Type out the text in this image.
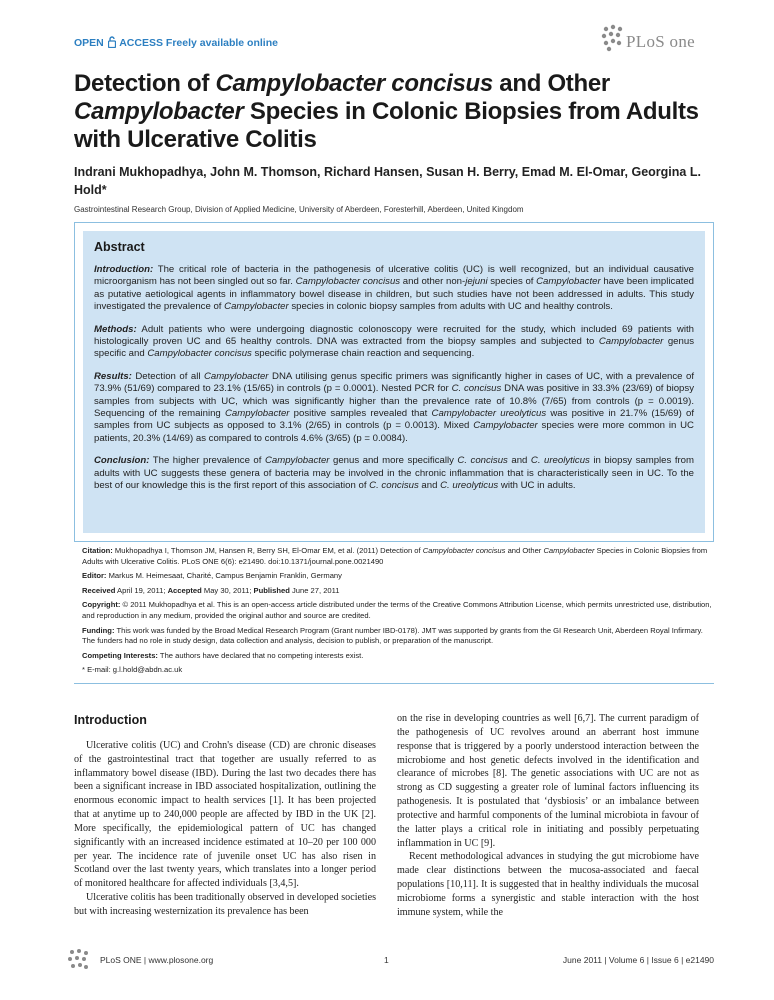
OPEN ACCESS Freely available online	PLoS one
Detection of Campylobacter concisus and Other Campylobacter Species in Colonic Biopsies from Adults with Ulcerative Colitis
Indrani Mukhopadhya, John M. Thomson, Richard Hansen, Susan H. Berry, Emad M. El-Omar, Georgina L. Hold*
Gastrointestinal Research Group, Division of Applied Medicine, University of Aberdeen, Foresterhill, Aberdeen, United Kingdom
Abstract

Introduction: The critical role of bacteria in the pathogenesis of ulcerative colitis (UC) is well recognized, but an individual causative microorganism has not been singled out so far. Campylobacter concisus and other non-jejuni species of Campylobacter have been implicated as putative aetiological agents in inflammatory bowel disease in children, but such studies have not been addressed in adults. This study investigated the prevalence of Campylobacter species in colonic biopsy samples from adults with UC and healthy controls.

Methods: Adult patients who were undergoing diagnostic colonoscopy were recruited for the study, which included 69 patients with histologically proven UC and 65 healthy controls. DNA was extracted from the biopsy samples and subjected to Campylobacter genus specific and Campylobacter concisus specific polymerase chain reaction and sequencing.

Results: Detection of all Campylobacter DNA utilising genus specific primers was significantly higher in cases of UC, with a prevalence of 73.9% (51/69) compared to 23.1% (15/65) in controls (p = 0.0001). Nested PCR for C. concisus DNA was positive in 33.3% (23/69) of biopsy samples from subjects with UC, which was significantly higher than the prevalence rate of 10.8% (7/65) from controls (p = 0.0019). Sequencing of the remaining Campylobacter positive samples revealed that Campylobacter ureolyticus was positive in 21.7% (15/69) of samples from UC subjects as opposed to 3.1% (2/65) in controls (p = 0.0013). Mixed Campylobacter species were more common in UC patients, 20.3% (14/69) as compared to controls 4.6% (3/65) (p = 0.0084).

Conclusion: The higher prevalence of Campylobacter genus and more specifically C. concisus and C. ureolyticus in biopsy samples from adults with UC suggests these genera of bacteria may be involved in the chronic inflammation that is characteristically seen in UC. To the best of our knowledge this is the first report of this association of C. concisus and C. ureolyticus with UC in adults.

Citation: Mukhopadhya I, Thomson JM, Hansen R, Berry SH, El-Omar EM, et al. (2011) Detection of Campylobacter concisus and Other Campylobacter Species in Colonic Biopsies from Adults with Ulcerative Colitis. PLoS ONE 6(6): e21490. doi:10.1371/journal.pone.0021490

Editor: Markus M. Heimesaat, Charité, Campus Benjamin Franklin, Germany

Received April 19, 2011; Accepted May 30, 2011; Published June 27, 2011

Copyright: © 2011 Mukhopadhya et al. This is an open-access article distributed under the terms of the Creative Commons Attribution License, which permits unrestricted use, distribution, and reproduction in any medium, provided the original author and source are credited.

Funding: This work was funded by the Broad Medical Research Program (Grant number IBD-0178). JMT was supported by grants from the GI Research Unit, Aberdeen Royal Infirmary. The funders had no role in study design, data collection and analysis, decision to publish, or preparation of the manuscript.

Competing Interests: The authors have declared that no competing interests exist.

* E-mail: g.l.hold@abdn.ac.uk

Introduction

Ulcerative colitis (UC) and Crohn's disease (CD) are chronic diseases of the gastrointestinal tract that together are usually referred to as inflammatory bowel disease (IBD). During the last two decades there has been a significant increase in IBD associated hospitalization, outlining the enormous economic impact to health services [1]. It has been projected that at anytime up to 240,000 people are affected by IBD in the UK [2]. More specifically, the epidemiological pattern of UC has changed significantly with an increased incidence estimated at 10–20 per 100 000 per year. The incidence rate of juvenile onset UC has also risen in Scotland over the last twenty years, which translates into a longer period of monitored healthcare for affected individuals [3,4,5].

Ulcerative colitis has been traditionally observed in developed societies but with increasing westernization its prevalence has been

on the rise in developing countries as well [6,7]. The current paradigm of the pathogenesis of UC revolves around an aberrant host immune response that is triggered by a poorly understood interaction between the microbiome and host genetic defects involved in the identification and clearance of microbes [8]. The genetic associations with UC are not as strong as CD suggesting a greater role of luminal factors influencing its pathogenesis. It is postulated that ‘dysbiosis’ or an imbalance between protective and harmful components of the luminal microbiota in favour of the latter plays a critical role in initiating and possibly perpetuating inflammation in UC [9].

Recent methodological advances in studying the gut microbiome have made clear distinctions between the mucosa-associated and faecal populations [10,11]. It is suggested that in healthy individuals the mucosal microbiome forms a synergistic and stable interaction with the host immune system, while the

PLoS ONE | www.plosone.org	1	June 2011 | Volume 6 | Issue 6 | e21490
